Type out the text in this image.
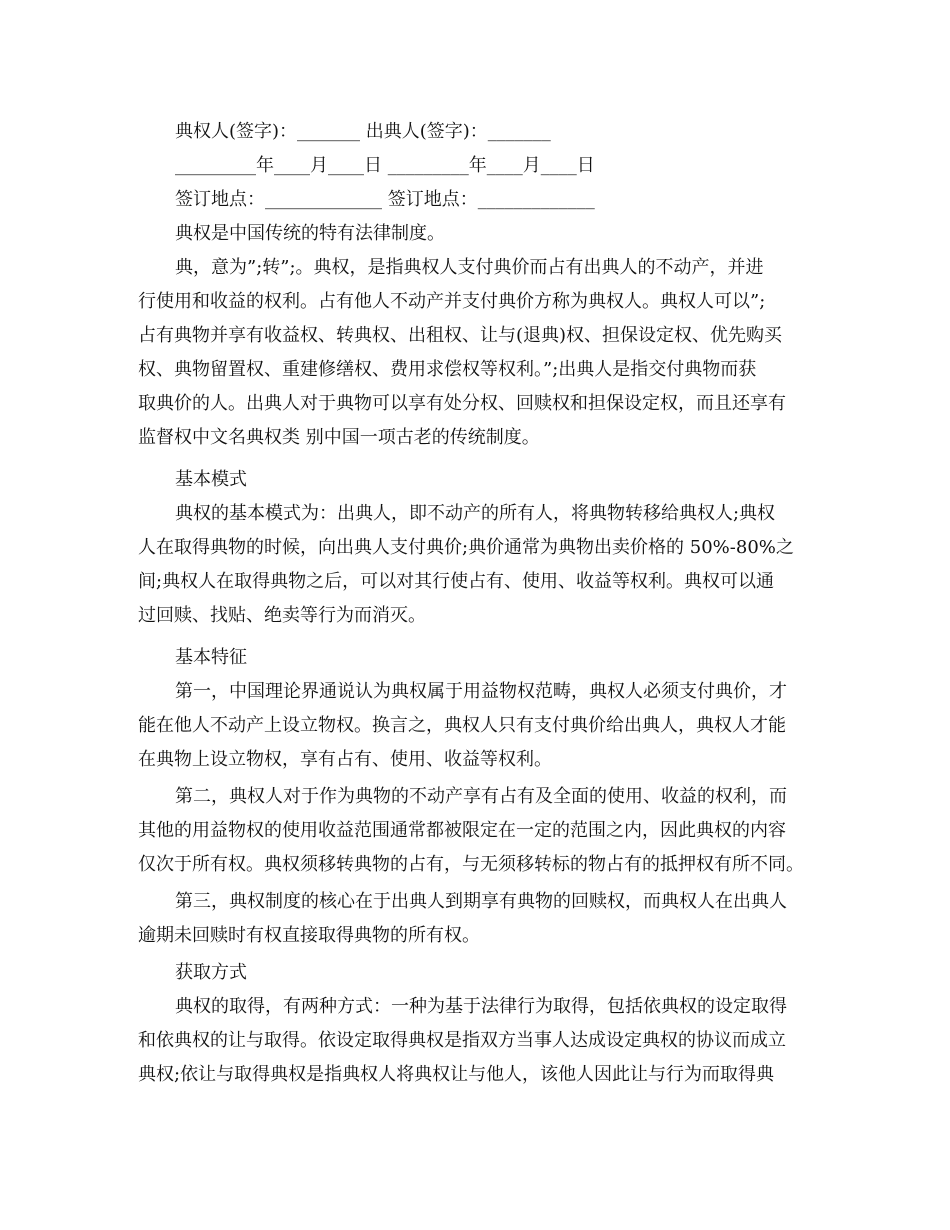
典权人(签字)：_______ 出典人(签字)：_______
_________年____月____日 _________年____月____日
签订地点：_____________ 签订地点：_____________
典权是中国传统的特有法律制度。
典，意为”;转”;。典权，是指典权人支付典价而占有出典人的不动产，并进
行使用和收益的权利。占有他人不动产并支付典价方称为典权人。典权人可以”;
占有典物并享有收益权、转典权、出租权、让与(退典)权、担保设定权、优先购买
权、典物留置权、重建修缮权、费用求偿权等权利。”;出典人是指交付典物而获
取典价的人。出典人对于典物可以享有处分权、回赎权和担保设定权，而且还享有
监督权中文名典权类 别中国一项古老的传统制度。
基本模式
典权的基本模式为：出典人，即不动产的所有人，将典物转移给典权人;典权
人在取得典物的时候，向出典人支付典价;典价通常为典物出卖价格的 50%-80%之
间;典权人在取得典物之后，可以对其行使占有、使用、收益等权利。典权可以通
过回赎、找贴、绝卖等行为而消灭。
基本特征
第一，中国理论界通说认为典权属于用益物权范畴，典权人必须支付典价，才
能在他人不动产上设立物权。换言之，典权人只有支付典价给出典人，典权人才能
在典物上设立物权，享有占有、使用、收益等权利。
第二，典权人对于作为典物的不动产享有占有及全面的使用、收益的权利，而
其他的用益物权的使用收益范围通常都被限定在一定的范围之内，因此典权的内容
仅次于所有权。典权须移转典物的占有，与无须移转标的物占有的抵押权有所不同。
第三，典权制度的核心在于出典人到期享有典物的回赎权，而典权人在出典人
逾期未回赎时有权直接取得典物的所有权。
获取方式
典权的取得，有两种方式：一种为基于法律行为取得，包括依典权的设定取得
和依典权的让与取得。依设定取得典权是指双方当事人达成设定典权的协议而成立
典权;依让与取得典权是指典权人将典权让与他人，该他人因此让与行为而取得典
